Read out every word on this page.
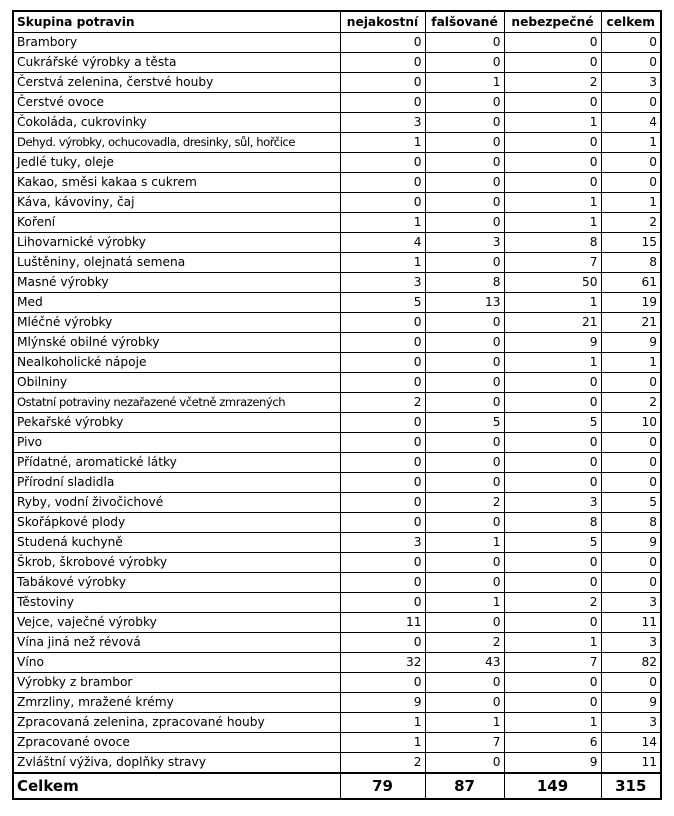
Skupina potravin	nejakostní	falšované	nebezpečné	celkem
Brambory	0	0	0	0
Cukrářské výrobky a těsta	0	0	0	0
Čerstvá zelenina, čerstvé houby	0	1	2	3
Čerstvé ovoce	0	0	0	0
Čokoláda, cukrovinky	3	0	1	4
Dehyd. výrobky, ochucovadla, dresinky, sůl, hořčice	1	0	0	1
Jedlé tuky, oleje	0	0	0	0
Kakao, směsi kakaa s cukrem	0	0	0	0
Káva, kávoviny, čaj	0	0	1	1
Koření	1	0	1	2
Lihovarnické výrobky	4	3	8	15
Luštěniny, olejnatá semena	1	0	7	8
Masné výrobky	3	8	50	61
Med	5	13	1	19
Mléčné výrobky	0	0	21	21
Mlýnské obilné výrobky	0	0	9	9
Nealkoholické nápoje	0	0	1	1
Obilniny	0	0	0	0
Ostatní potraviny nezařazené včetně zmrazených	2	0	0	2
Pekařské výrobky	0	5	5	10
Pivo	0	0	0	0
Přídatné, aromatické látky	0	0	0	0
Přírodní sladidla	0	0	0	0
Ryby, vodní živočichové	0	2	3	5
Skořápkové plody	0	0	8	8
Studená kuchyně	3	1	5	9
Škrob, škrobové výrobky	0	0	0	0
Tabákové výrobky	0	0	0	0
Těstoviny	0	1	2	3
Vejce, vaječné výrobky	11	0	0	11
Vína jiná než révová	0	2	1	3
Víno	32	43	7	82
Výrobky z brambor	0	0	0	0
Zmrzliny, mražené krémy	9	0	0	9
Zpracovaná zelenina, zpracované houby	1	1	1	3
Zpracované ovoce	1	7	6	14
Zvláštní výživa, doplňky stravy	2	0	9	11
Celkem	79	87	149	315
